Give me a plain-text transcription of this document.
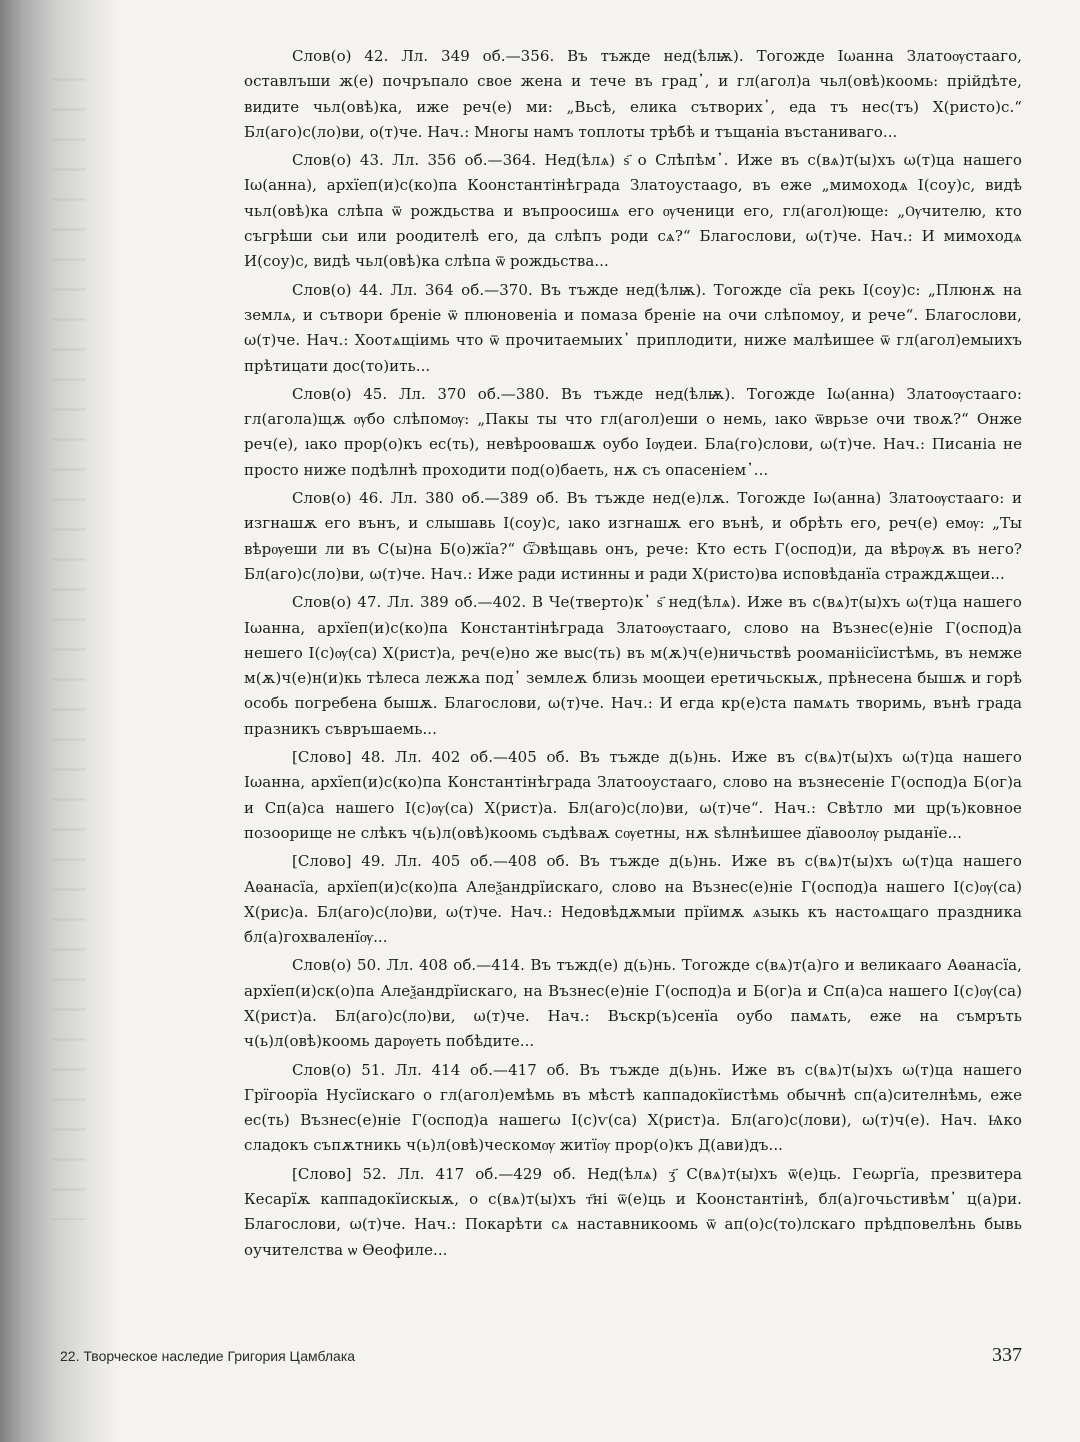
Слов(о) 42. Лл. 349 об.—356. Въ тъжде нед(ѣлѭ). Тогожде Іωанна Златоѹстааго, оставлъши ж(е) почръпало свое жена и тече въ град᾿, и гл(агол)а чьл(овѣ)коомь: прійдѣте, видите чьл(овѣ)ка, иже реч(е) ми: „Вьсѣ, елика сътворих᾿, еда тъ нес(тъ) Х(ристо)с.“ Бл(аго)с(ло)ви, о(т)че. Нач.: Многы намъ топлоты трѣбѣ и тъщаніа въстаниваго...

Слов(о) 43. Лл. 356 об.—364. Нед(ѣлѧ) ѕ҃ о Слѣпѣм᾿. Иже въ с(вѧ)т(ы)хъ ω(т)ца нашего Іω(анна), архїеп(и)с(ко)па Кoонстантінѣграда Златоустаago, въ еже „мимоходѧ І(соу)с, видѣ чьл(овѣ)ка слѣпа ѿ рождьства и въпроосишѧ его ѹченици его, гл(агол)ющe: „Ѹчителю, кто съгрѣши сьи или рoодителѣ его, да слѣпъ роди сѧ?“ Благослови, ω(т)че. Нач.: И мимоходѧ И(соу)с, видѣ чьл(овѣ)ка слѣпа ѿ рождьства...

Слов(о) 44. Лл. 364 об.—370. Въ тъжде нед(ѣлѭ). Тогожде сїа рекь І(соу)с: „Плюнѫ на землѧ, и сътвори бреніе ѿ плюновеніа и помаза бреніе на очи слѣпомоу, и рече“. Благослови, ω(т)че. Нач.: Хоотѧщіимь что ѿ прочитаемыих᾿ приплодити, ниже малѣишее ѿ гл(агол)емыихъ прѣтицати дос(то)ить...

Слов(о) 45. Лл. 370 об.—380. Въ тъжде нед(ѣлѭ). Тогожде Іω(анна) Златоѹстааго: гл(агола)щѫ ѹбо слѣпомѹ: „Пакы ты что гл(агол)еши о немь, ıако ѿврьзе очи твоѫ?“ Онже реч(е), ıако прор(о)къ ес(ть), невѣрoовашѫ оубо Іѹдеи. Бла(го)слови, ω(т)че. Нач.: Писаніа не просто ниже подѣлнѣ проходити под(о)баеть, нѫ съ опасеніем᾿...

Слов(о) 46. Лл. 380 об.—389 об. Въ тъжде нед(е)лѫ. Тогожде Іω(анна) Златоѹстааго: и изгнашѫ его вънъ, и слышавь І(соу)с, ıако изгнашѫ его вънѣ, и обрѣть его, реч(е) емѹ: „Ты вѣрѹеши ли въ С(ы)на Б(о)жїа?“ Ѿвѣщавь онъ, рече: Кто есть Г(оспод)и, да вѣрѹѫ въ него? Бл(аго)с(ло)ви, ω(т)че. Нач.: Иже ради истинны и ради Х(ристо)ва исповѣданїа страждѫщеи...

Слов(о) 47. Лл. 389 об.—402. В Че(тверто)к᾿ ѕ҃ нед(ѣлѧ). Иже въ с(вѧ)т(ы)хъ ω(т)ца нашего Іωанна, архїеп(и)с(ко)па Константінѣграда Златоѹстааго, слово на Възнес(е)ніе Г(оспод)а нешего І(с)ѹ(са) Х(рист)а, реч(е)но же выс(ть) въ м(ѫ)ч(е)ничьствѣ рооманіісїистѣмь, въ немже м(ѫ)ч(е)н(и)кь тѣлеса лежѫа под᾿ землеѫ близь моощеи еретичьскыѫ, прѣнесена бышѫ и горѣ особь погребена бышѫ. Благослови, ω(т)че. Нач.: И егда кр(е)ста памѧть творимь, вънѣ града празникъ съвръшаемь...

[Слово] 48. Лл. 402 об.—405 об. Въ тъжде д(ь)нь. Иже въ с(вѧ)т(ы)хъ ω(т)ца нашего Іωанна, архїеп(и)с(ко)па Константінѣграда Златооустааго, слово на възнесеніе Г(оспод)а Б(ог)а и Сп(а)са нашего І(с)ѹ(са) Х(рист)а. Бл(аго)с(ло)ви, ω(т)че“. Нач.: Свѣтло ми цр(ъ)ковное позоорище не слѣкъ ч(ь)л(овѣ)коомь съдѣваѫ сѹетны, нѫ ѕѣлнѣишее дїавоолѹ рыданїе...

[Слово] 49. Лл. 405 об.—408 об. Въ тъжде д(ь)нь. Иже въ с(вѧ)т(ы)хъ ω(т)ца нашего Аѳанасїа, архїеп(и)с(ко)па Алеѯандрїискаго, слово на Възнес(е)ніе Г(оспод)а нашего І(с)ѹ(са) Х(рис)а. Бл(аго)с(ло)ви, ω(т)че. Нач.: Недовѣдѫмыи прїимѫ ѧзыкь къ настоѧщаго праздника бл(а)гохваленїѹ...

Слов(о) 50. Лл. 408 об.—414. Въ тъжд(е) д(ь)нь. Тогожде с(вѧ)т(а)го и великааго Аѳанасїа, архїеп(и)ск(о)па Алеѯандрїискаго, на Възнес(е)ніе Г(оспод)а и Б(ог)а и Сп(а)са нашего І(с)ѹ(са) Х(рист)а. Бл(аго)с(ло)ви, ω(т)че. Нач.: Въскр(ъ)сенїа оубо памѧть, еже на съмръть ч(ь)л(овѣ)коомь дарѹеть побѣдите...

Слов(о) 51. Лл. 414 об.—417 об. Въ тъжде д(ь)нь. Иже въ с(вѧ)т(ы)хъ ω(т)ца нашего Грїгоорїа Нусїискаго о гл(агол)емѣмь въ мѣстѣ каппадокїистѣмь обычнѣ сп(а)сителнѣмь, еже ес(ть) Възнес(е)ніе Г(оспод)а нашегω І(с)ѵ(са) Х(рист)а. Бл(аго)с(лови), ω(т)ч(е). Нач. Ѩко сладокъ съпѫтникь ч(ь)л(овѣ)ческомѹ житїѹ прор(о)къ Д(ави)дъ...

[Слово] 52. Лл. 417 об.—429 об. Нед(ѣлѧ) ӡ҃ С(вѧ)т(ы)хъ ѿ(е)ць. Геωргїа, презвитера Кесарїѫ каппадокїискыѫ, о с(вѧ)т(ы)хъ т҃ні ѿ(е)ць и Кoонстантінѣ, бл(а)гочьстивѣм᾿ ц(а)ри. Благослови, ω(т)че. Нач.: Покарѣти сѧ наставникоомь ѿ ап(о)с(то)лскаго прѣдповелѣнь бывь оучителства ѡ Ѳеофиле...

22. Творческое наследие Григория Цамблака	337
